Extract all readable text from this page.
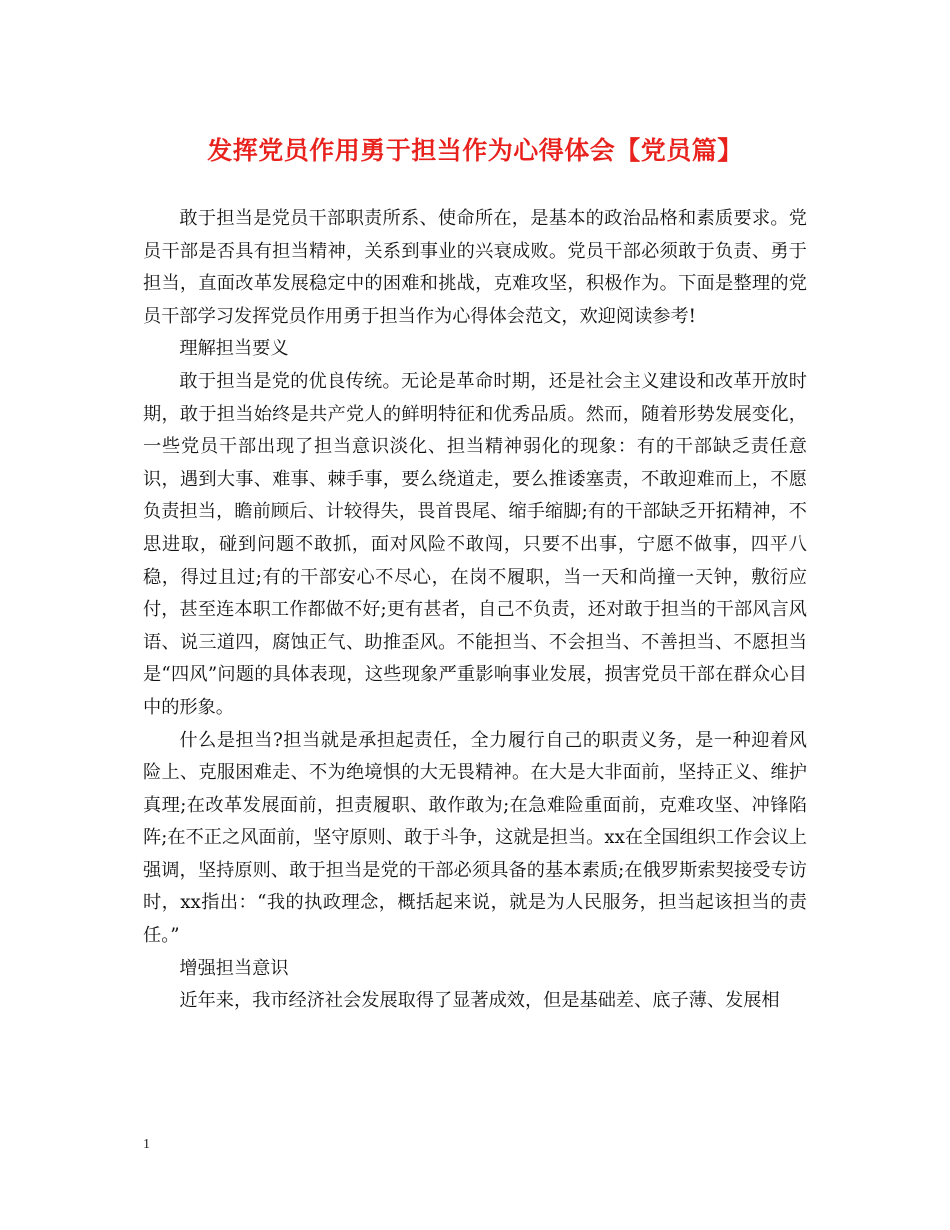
发挥党员作用勇于担当作为心得体会【党员篇】

敢于担当是党员干部职责所系、使命所在，是基本的政治品格和素质要求。党员干部是否具有担当精神，关系到事业的兴衰成败。党员干部必须敢于负责、勇于担当，直面改革发展稳定中的困难和挑战，克难攻坚，积极作为。下面是整理的党员干部学习发挥党员作用勇于担当作为心得体会范文，欢迎阅读参考!

理解担当要义

敢于担当是党的优良传统。无论是革命时期，还是社会主义建设和改革开放时期，敢于担当始终是共产党人的鲜明特征和优秀品质。然而，随着形势发展变化，一些党员干部出现了担当意识淡化、担当精神弱化的现象：有的干部缺乏责任意识，遇到大事、难事、棘手事，要么绕道走，要么推诿塞责，不敢迎难而上，不愿负责担当，瞻前顾后、计较得失，畏首畏尾、缩手缩脚;有的干部缺乏开拓精神，不思进取，碰到问题不敢抓，面对风险不敢闯，只要不出事，宁愿不做事，四平八稳，得过且过;有的干部安心不尽心，在岗不履职，当一天和尚撞一天钟，敷衍应付，甚至连本职工作都做不好;更有甚者，自己不负责，还对敢于担当的干部风言风语、说三道四，腐蚀正气、助推歪风。不能担当、不会担当、不善担当、不愿担当是“四风”问题的具体表现，这些现象严重影响事业发展，损害党员干部在群众心目中的形象。

什么是担当?担当就是承担起责任，全力履行自己的职责义务，是一种迎着风险上、克服困难走、不为绝境惧的大无畏精神。在大是大非面前，坚持正义、维护真理;在改革发展面前，担责履职、敢作敢为;在急难险重面前，克难攻坚、冲锋陷阵;在不正之风面前，坚守原则、敢于斗争，这就是担当。xx在全国组织工作会议上强调，坚持原则、敢于担当是党的干部必须具备的基本素质;在俄罗斯索契接受专访时，xx指出：“我的执政理念，概括起来说，就是为人民服务，担当起该担当的责任。”

增强担当意识

近年来，我市经济社会发展取得了显著成效，但是基础差、底子薄、发展相

1
